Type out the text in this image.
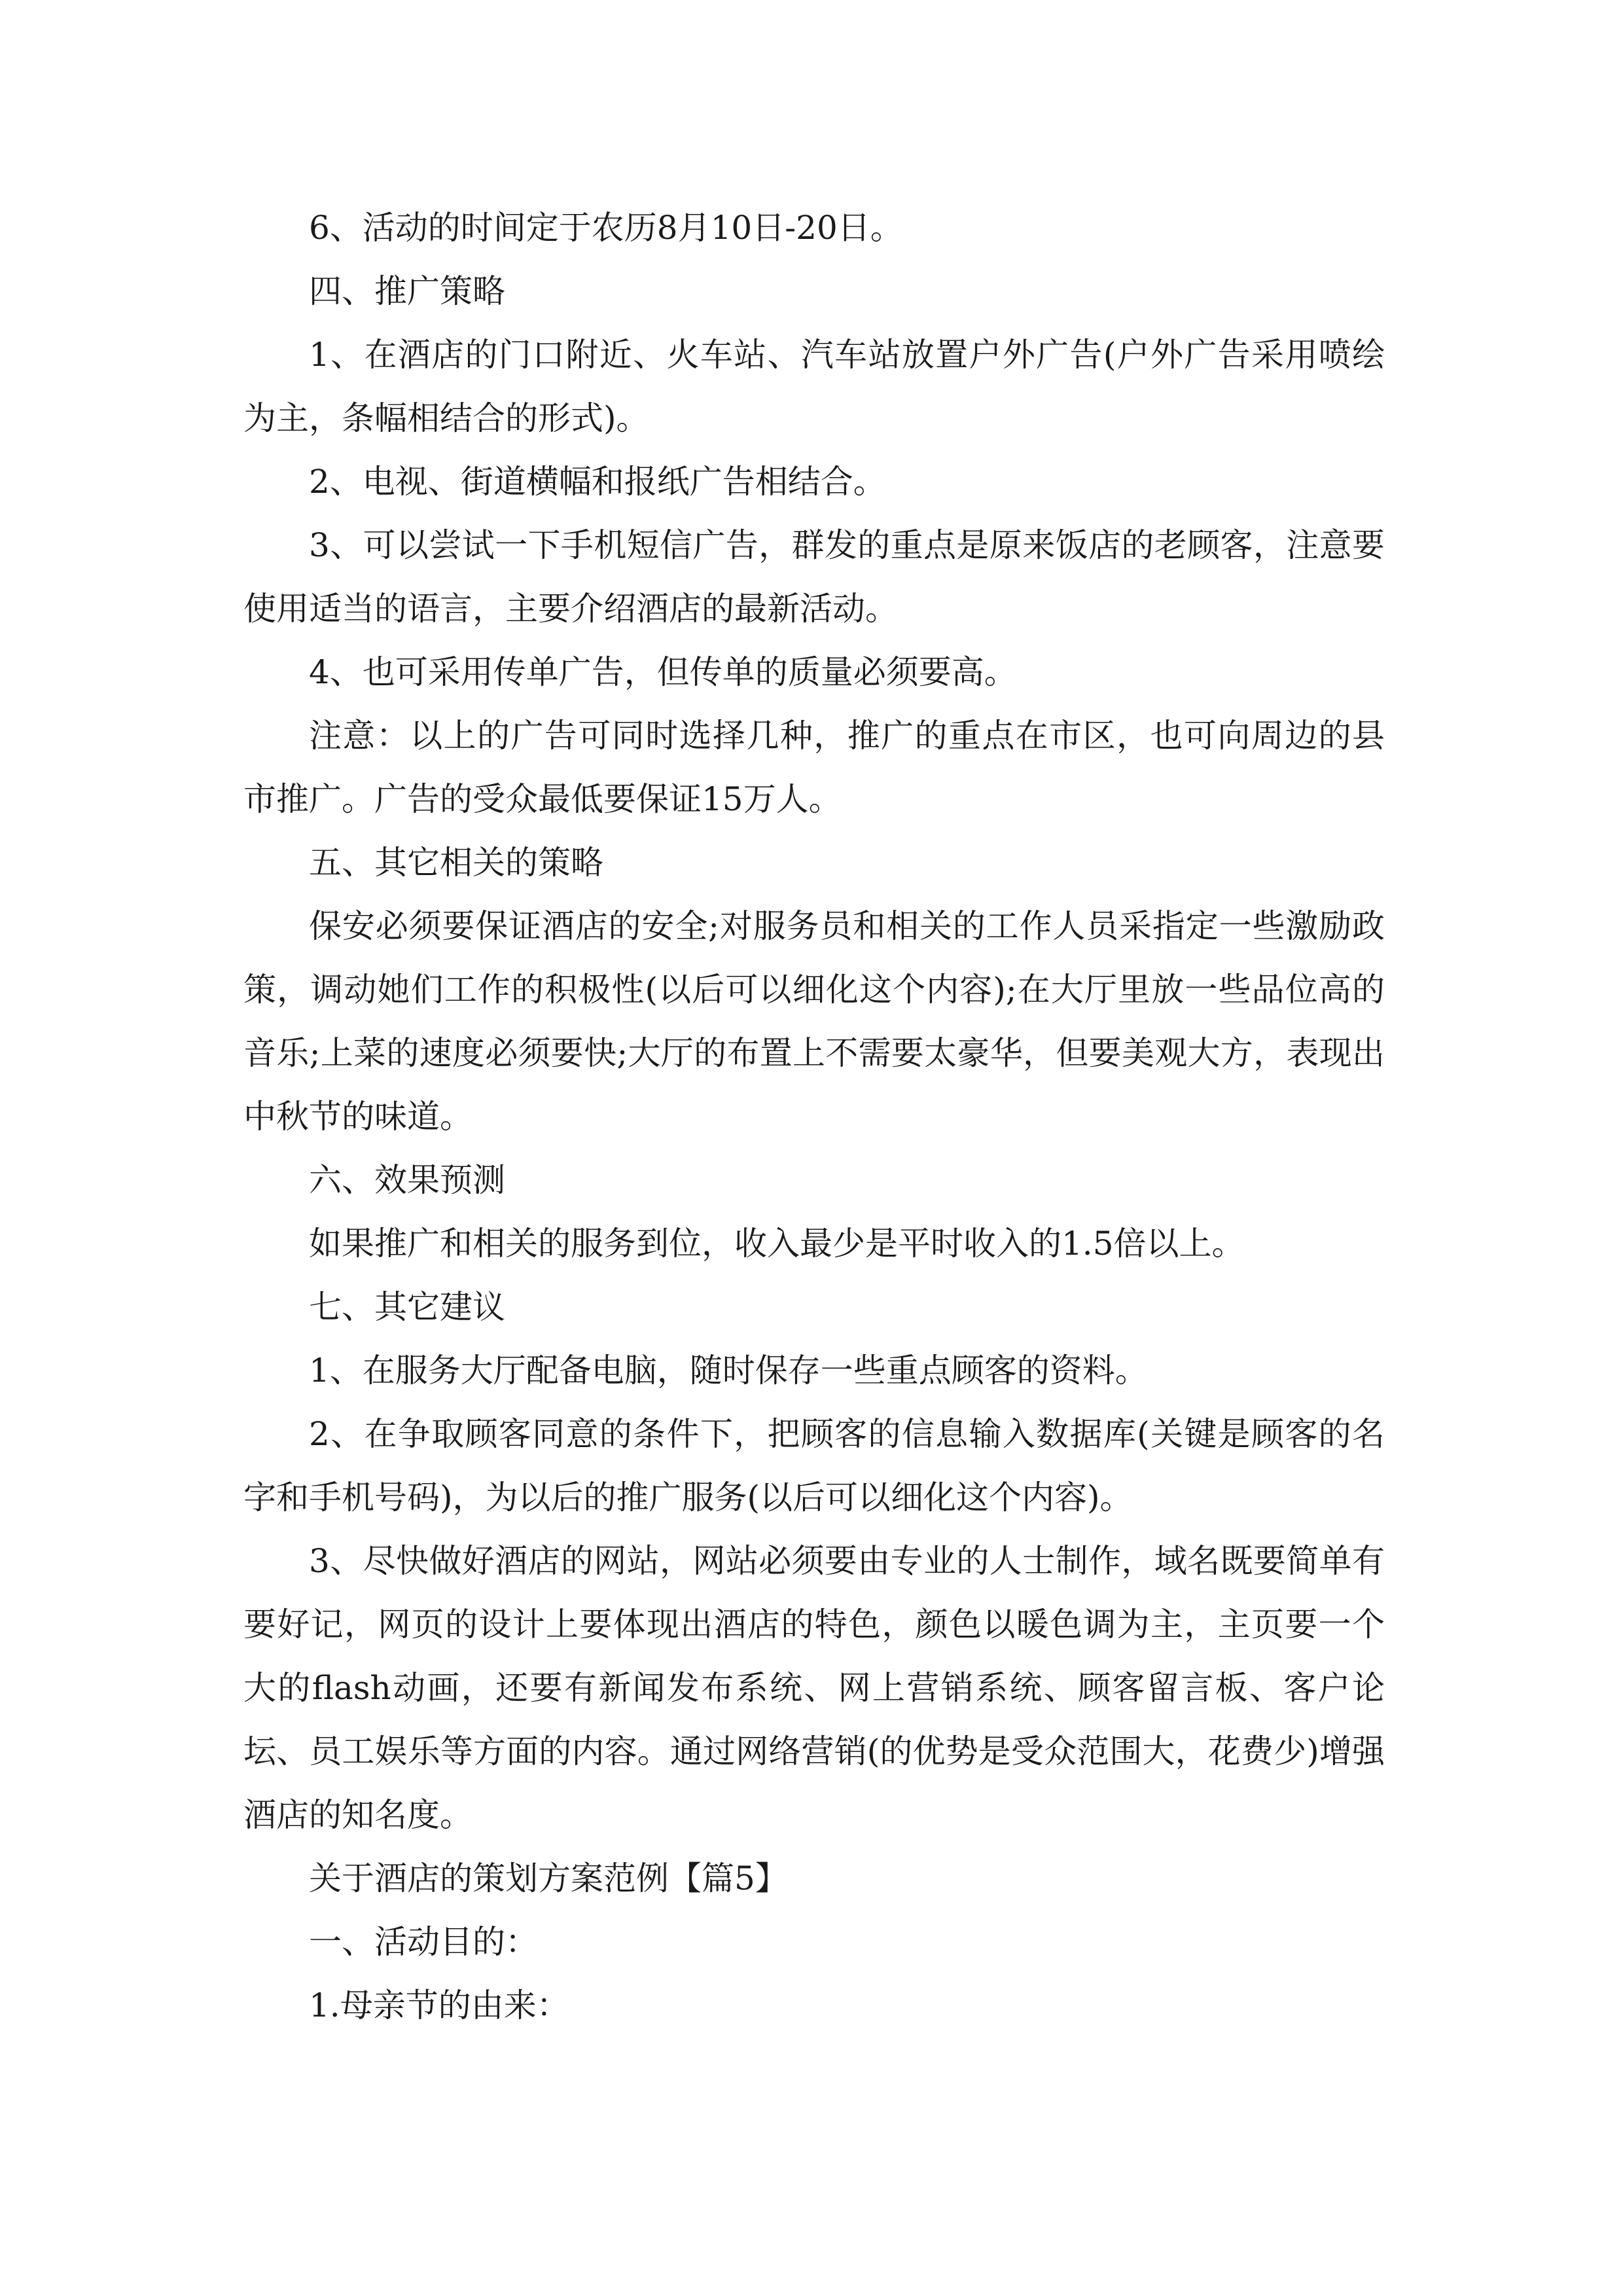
6、活动的时间定于农历8月10日-20日。

四、推广策略

1、在酒店的门口附近、火车站、汽车站放置户外广告(户外广告采用喷绘为主，条幅相结合的形式)。

2、电视、街道横幅和报纸广告相结合。

3、可以尝试一下手机短信广告，群发的重点是原来饭店的老顾客，注意要使用适当的语言，主要介绍酒店的最新活动。

4、也可采用传单广告，但传单的质量必须要高。

注意：以上的广告可同时选择几种，推广的重点在市区，也可向周边的县市推广。广告的受众最低要保证15万人。

五、其它相关的策略

保安必须要保证酒店的安全;对服务员和相关的工作人员采指定一些激励政策，调动她们工作的积极性(以后可以细化这个内容);在大厅里放一些品位高的音乐;上菜的速度必须要快;大厅的布置上不需要太豪华，但要美观大方，表现出中秋节的味道。

六、效果预测

如果推广和相关的服务到位，收入最少是平时收入的1.5倍以上。

七、其它建议

1、在服务大厅配备电脑，随时保存一些重点顾客的资料。

2、在争取顾客同意的条件下，把顾客的信息输入数据库(关键是顾客的名字和手机号码)，为以后的推广服务(以后可以细化这个内容)。

3、尽快做好酒店的网站，网站必须要由专业的人士制作，域名既要简单有要好记，网页的设计上要体现出酒店的特色，颜色以暖色调为主，主页要一个大的flash动画，还要有新闻发布系统、网上营销系统、顾客留言板、客户论坛、员工娱乐等方面的内容。通过网络营销(的优势是受众范围大，花费少)增强酒店的知名度。

关于酒店的策划方案范例【篇5】

一、活动目的：

1.母亲节的由来：
